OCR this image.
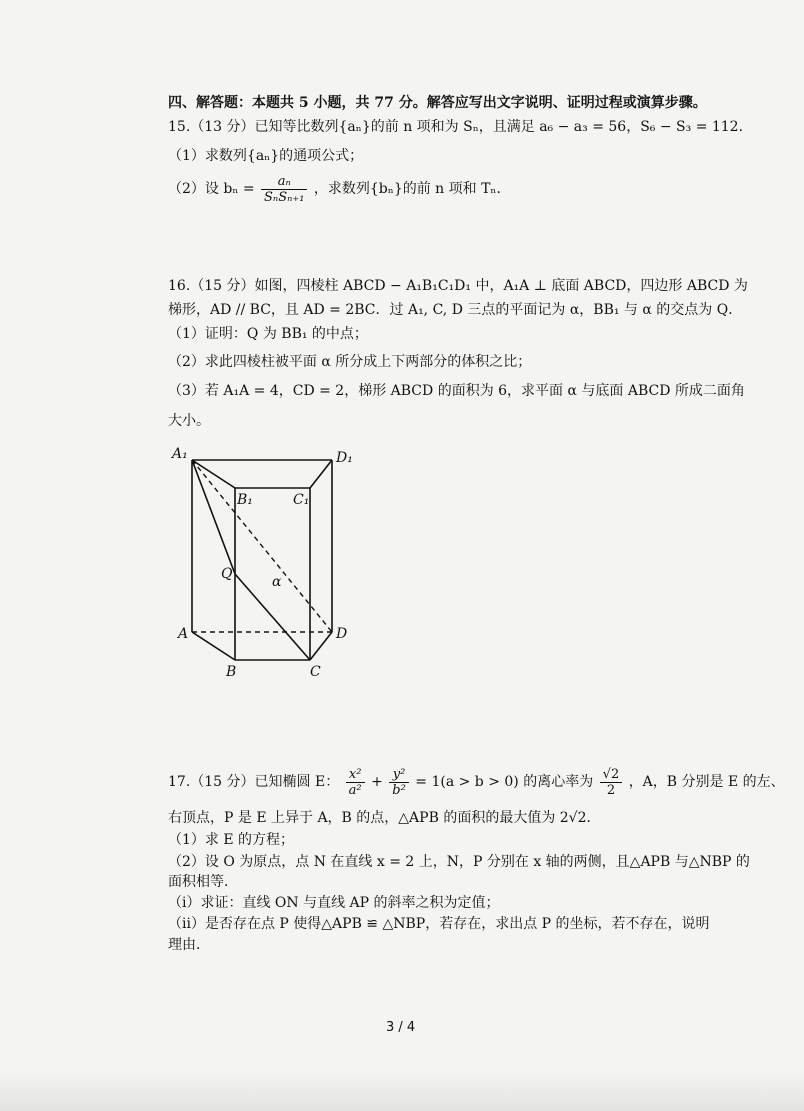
四、解答题：本题共 5 小题，共 77 分。解答应写出文字说明、证明过程或演算步骤。
15.（13 分）已知等比数列{aₙ}的前 n 项和为 Sₙ，且满足 a₆ − a₃ = 56，S₆ − S₃ = 112．
（1）求数列{aₙ}的通项公式；
（2）设 $b_n = \frac{\text{aₙ}}{\text{SₙSₙ₊₁}}$ ，求数列{bₙ}的前 n 项和 Tₙ．
16.（15 分）如图，四棱柱 ABCD − A₁B₁C₁D₁ 中，A₁A ⊥ 底面 ABCD，四边形 ABCD 为
梯形，AD // BC，且 AD = 2BC．过 A₁, C, D 三点的平面记为 α，BB₁ 与 α 的交点为 Q．
（1）证明：Q 为 BB₁ 的中点；
（2）求此四棱柱被平面 α 所分成上下两部分的体积之比；
（3）若 A₁A = 4，CD = 2，梯形 ABCD 的面积为 6，求平面 α 与底面 ABCD 所成二面角
大小。
A₁	D₁
B₁	C₁
Q	α
A	D
B	C
17.（15 分）已知椭圆 E： $\frac{\text{x²}}{\text{a²}} + \frac{\text{y²}}{\text{b²}} = 1(a > b > 0)$ 的离心率为 $\frac{√2}{2}$ ，A，B 分别是 E 的左、
右顶点，P 是 E 上异于 A，B 的点，△APB 的面积的最大值为 2√2．
（1）求 E 的方程；
（2）设 O 为原点，点 N 在直线 x = 2 上，N，P 分别在 x 轴的两侧，且△APB 与△NBP 的
面积相等．
（i）求证：直线 ON 与直线 AP 的斜率之积为定值；
（ii）是否存在点 P 使得△APB ≌ △NBP，若存在，求出点 P 的坐标，若不存在，说明
理由．
3 / 4
